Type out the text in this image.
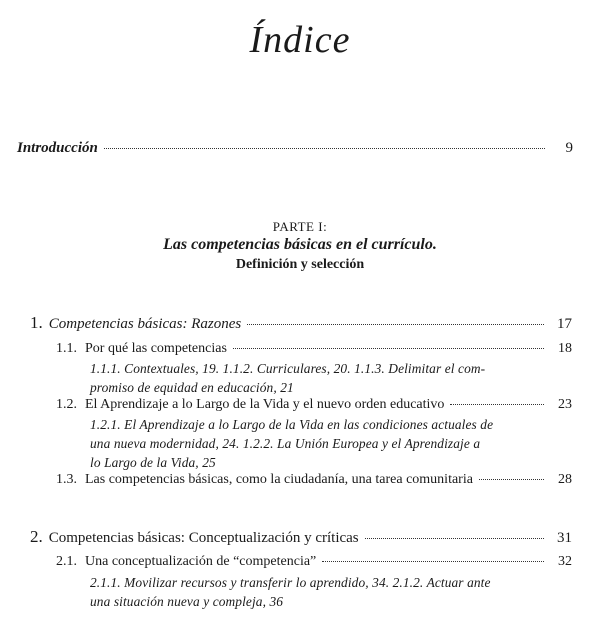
Índice
Introducción	9
PARTE I:
Las competencias básicas en el currículo.
Definición y selección
1. Competencias básicas: Razones	17
1.1. Por qué las competencias	18
1.1.1. Contextuales, 19. 1.1.2. Curriculares, 20. 1.1.3. Delimitar el com-
promiso de equidad en educación, 21
1.2. El Aprendizaje a lo Largo de la Vida y el nuevo orden educativo	23
1.2.1. El Aprendizaje a lo Largo de la Vida en las condiciones actuales de
una nueva modernidad, 24. 1.2.2. La Unión Europea y el Aprendizaje a
lo Largo de la Vida, 25
1.3. Las competencias básicas, como la ciudadanía, una tarea comunitaria	28
2. Competencias básicas: Conceptualización y críticas	31
2.1. Una conceptualización de “competencia”	32
2.1.1. Movilizar recursos y transferir lo aprendido, 34. 2.1.2. Actuar ante
una situación nueva y compleja, 36
